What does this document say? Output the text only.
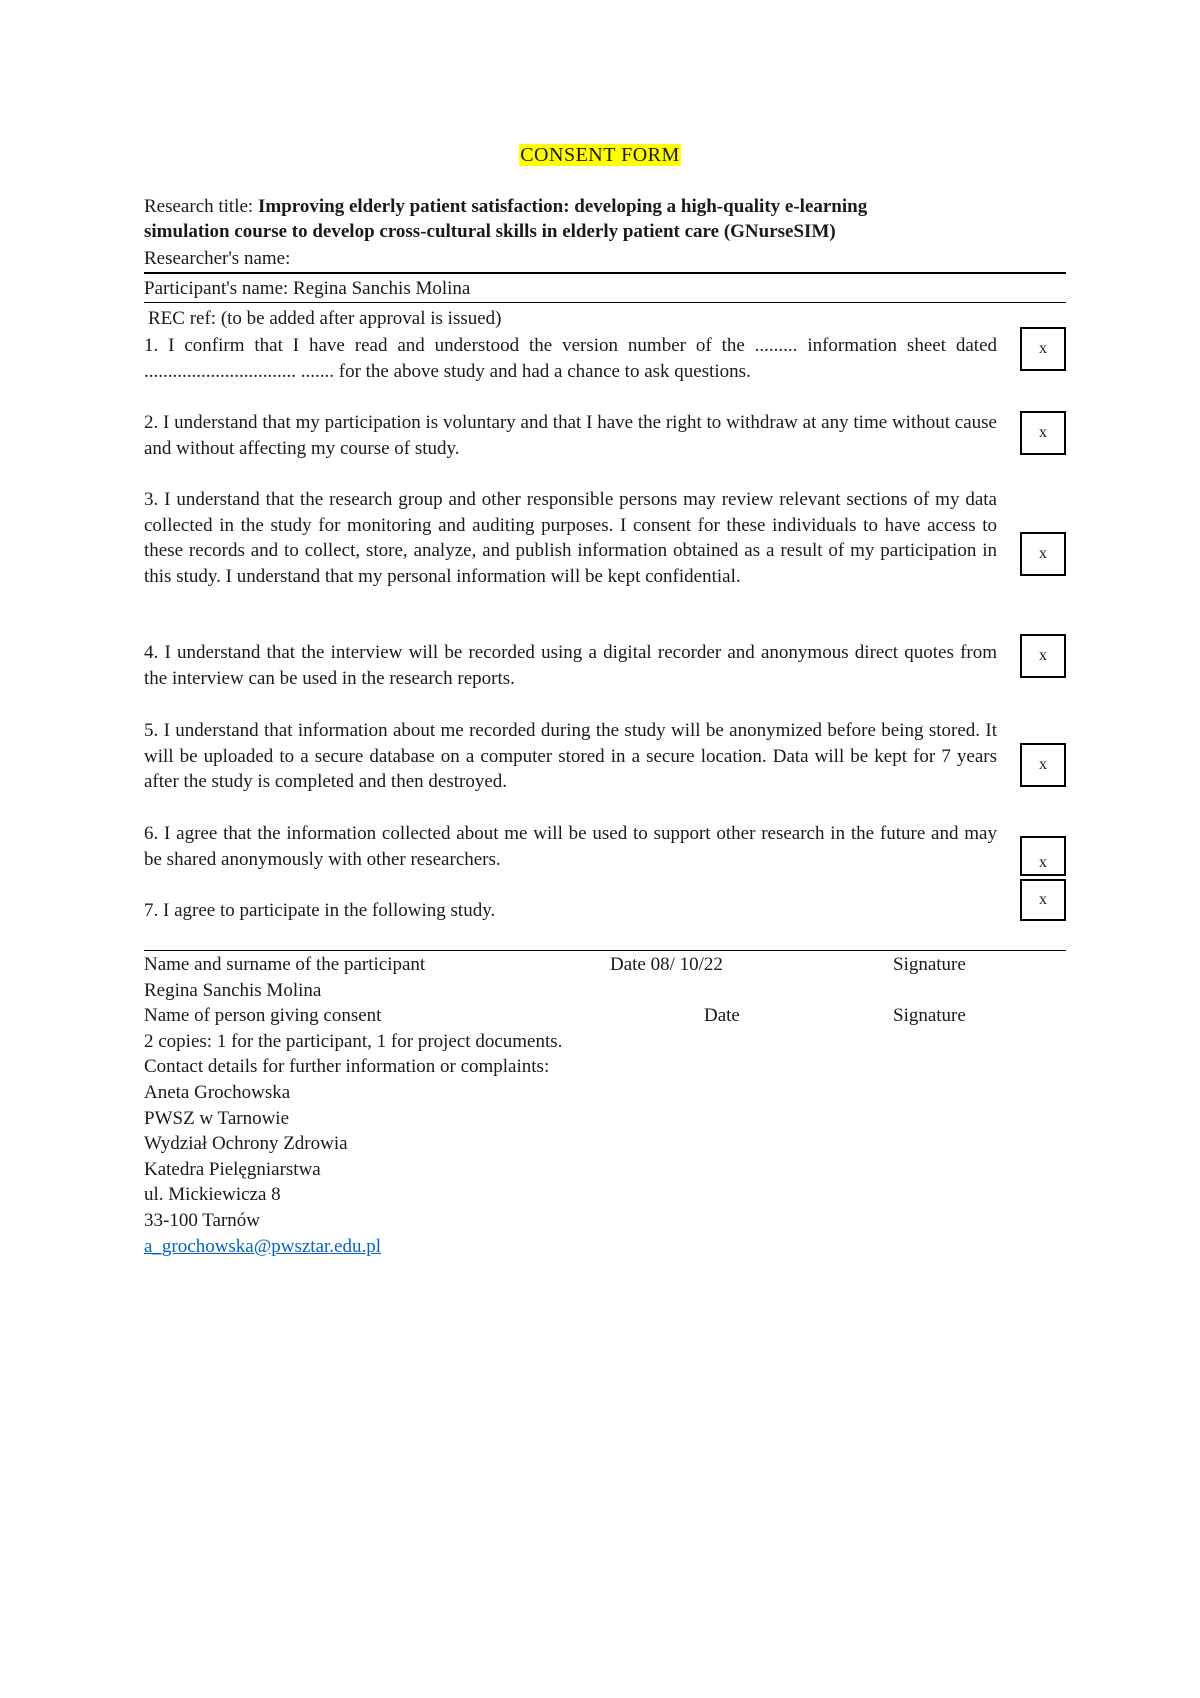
CONSENT FORM
Research title: Improving elderly patient satisfaction: developing a high-quality e-learning
simulation course to develop cross-cultural skills in elderly patient care (GNurseSIM)
Researcher's name:
Participant's name: Regina Sanchis Molina
REC ref: (to be added after approval is issued)
1. I confirm that I have read and understood the version number of the ......... information sheet dated ................................ ....... for the above study and had a chance to ask questions.
x
2. I understand that my participation is voluntary and that I have the right to withdraw at any time without cause and without affecting my course of study.
x
3. I understand that the research group and other responsible persons may review relevant sections of my data collected in the study for monitoring and auditing purposes. I consent for these individuals to have access to these records and to collect, store, analyze, and publish information obtained as a result of my participation in this study. I understand that my personal information will be kept confidential.
x
4. I understand that the interview will be recorded using a digital recorder and anonymous direct quotes from the interview can be used in the research reports.
x
5. I understand that information about me recorded during the study will be anonymized before being stored. It will be uploaded to a secure database on a computer stored in a secure location. Data will be kept for 7 years after the study is completed and then destroyed.
x
6. I agree that the information collected about me will be used to support other research in the future and may be shared anonymously with other researchers.	x
7. I agree to participate in the following study.
x
Name and surname of the participant	Date 08/ 10/22	Signature
Regina Sanchis Molina
Name of person giving consent	Date	Signature
2 copies: 1 for the participant, 1 for project documents.
Contact details for further information or complaints:
Aneta Grochowska
PWSZ w Tarnowie
Wydział Ochrony Zdrowia
Katedra Pielęgniarstwa
ul. Mickiewicza 8
33-100 Tarnów
a_grochowska@pwsztar.edu.pl
